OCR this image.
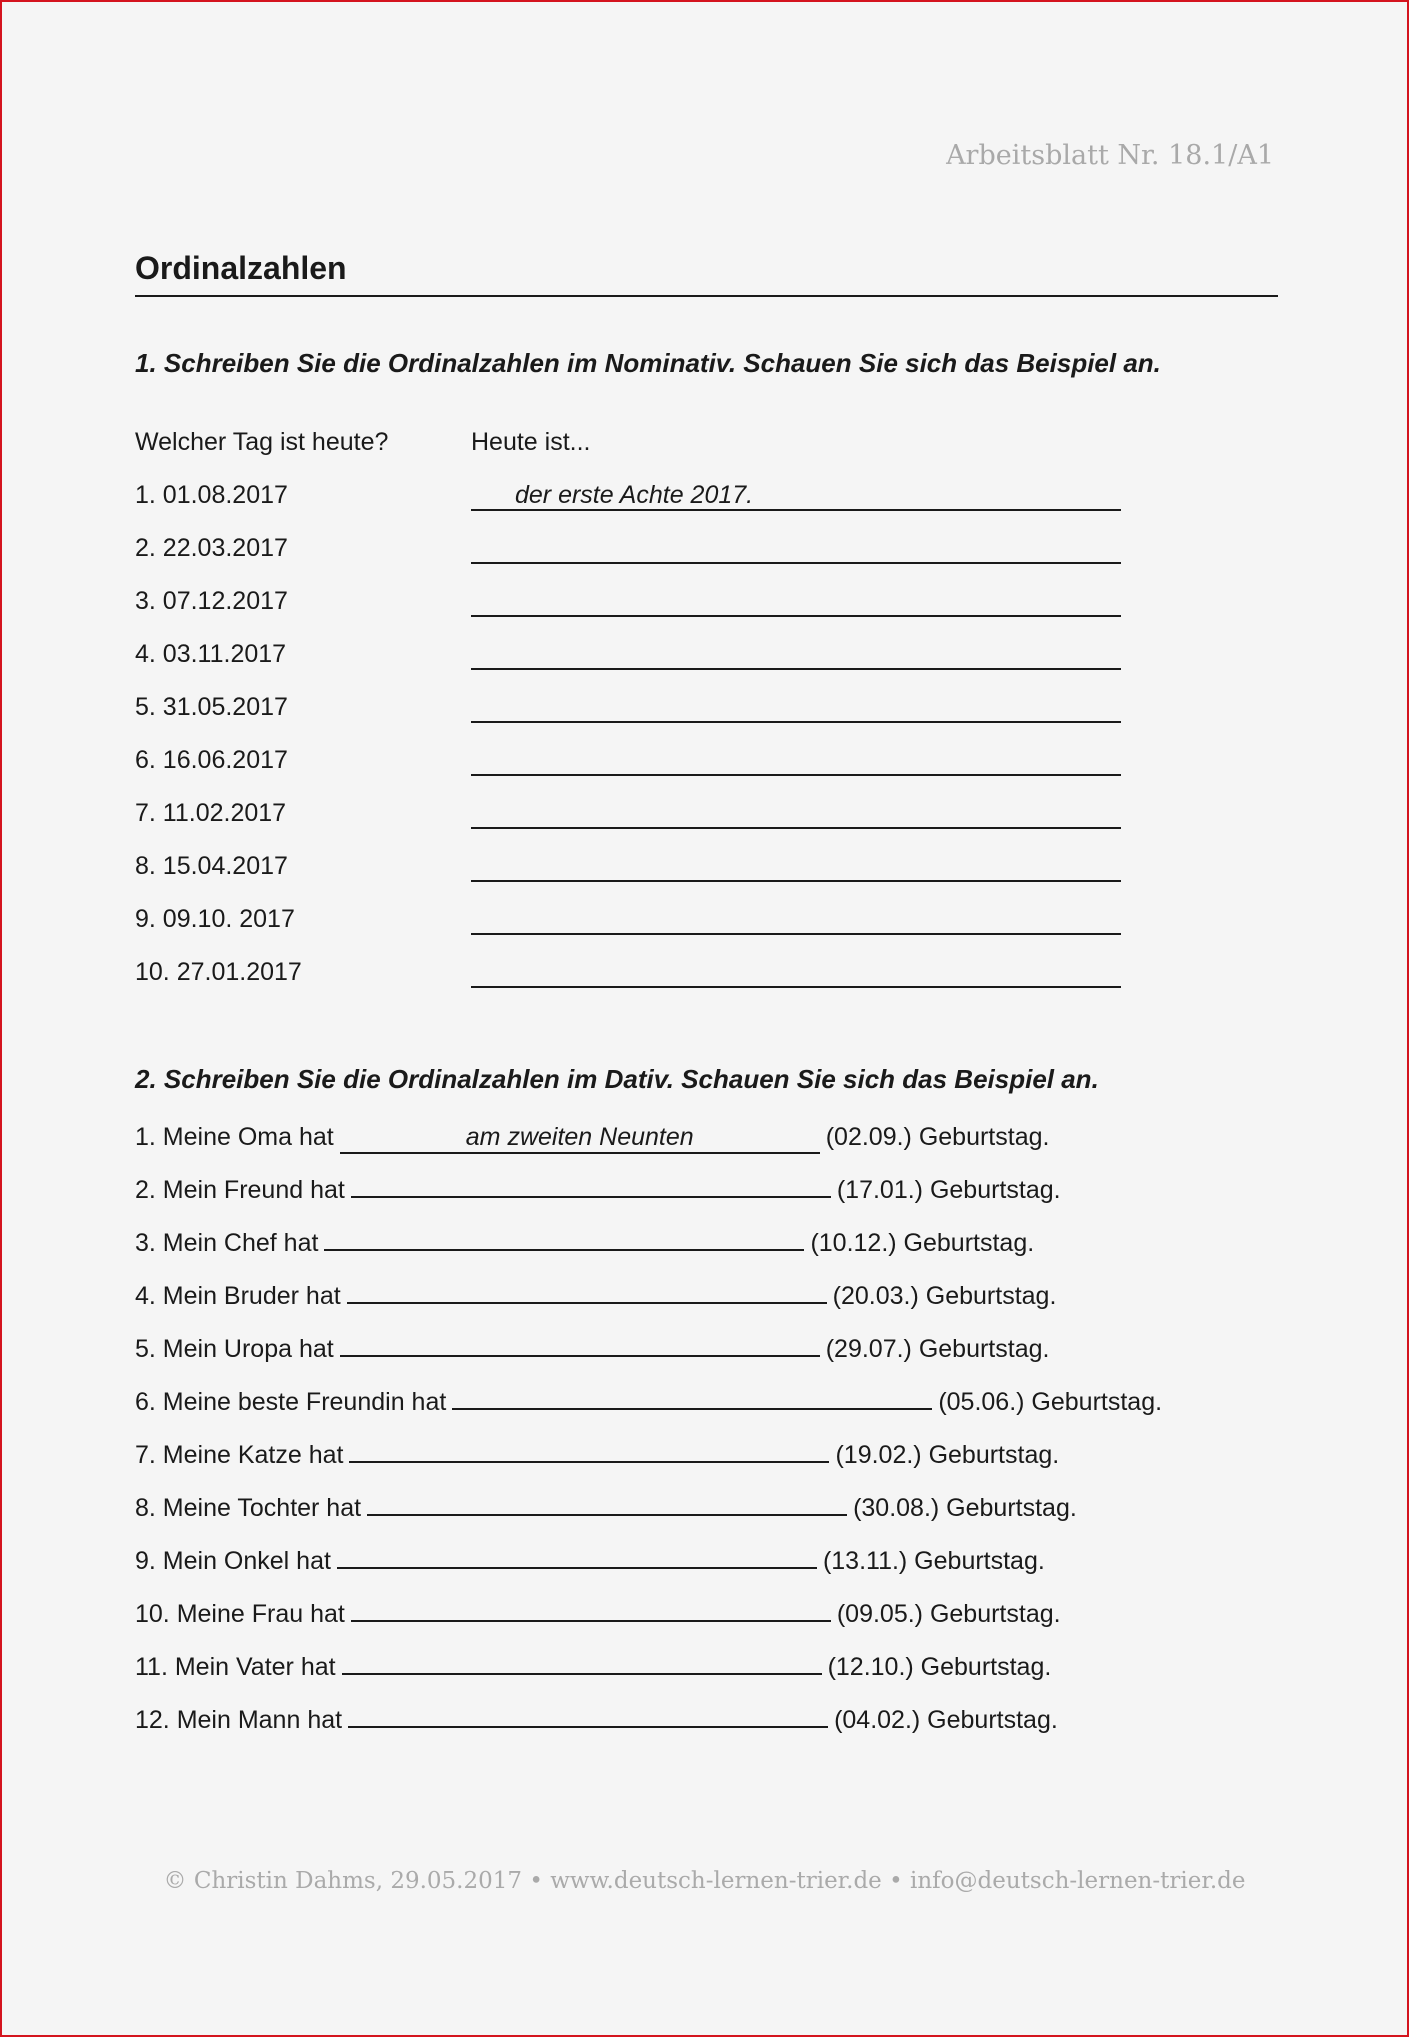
Arbeitsblatt Nr. 18.1/A1
Ordinalzahlen
1. Schreiben Sie die Ordinalzahlen im Nominativ. Schauen Sie sich das Beispiel an.
Welcher Tag ist heute?	Heute ist...
1. 01.08.2017	der erste Achte 2017.
2. 22.03.2017
3. 07.12.2017
4. 03.11.2017
5. 31.05.2017
6. 16.06.2017
7. 11.02.2017
8. 15.04.2017
9. 09.10. 2017
10. 27.01.2017
2. Schreiben Sie die Ordinalzahlen im Dativ. Schauen Sie sich das Beispiel an.
1. Meine Oma hat	am zweiten Neunten	(02.09.) Geburtstag.
2. Mein Freund hat	(17.01.) Geburtstag.
3. Mein Chef hat	(10.12.) Geburtstag.
4. Mein Bruder hat	(20.03.) Geburtstag.
5. Mein Uropa hat	(29.07.) Geburtstag.
6. Meine beste Freundin hat	(05.06.) Geburtstag.
7. Meine Katze hat	(19.02.) Geburtstag.
8. Meine Tochter hat	(30.08.) Geburtstag.
9. Mein Onkel hat	(13.11.) Geburtstag.
10. Meine Frau hat	(09.05.) Geburtstag.
11. Mein Vater hat	(12.10.) Geburtstag.
12. Mein Mann hat	(04.02.) Geburtstag.
© Christin Dahms, 29.05.2017 • www.deutsch-lernen-trier.de • info@deutsch-lernen-trier.de
